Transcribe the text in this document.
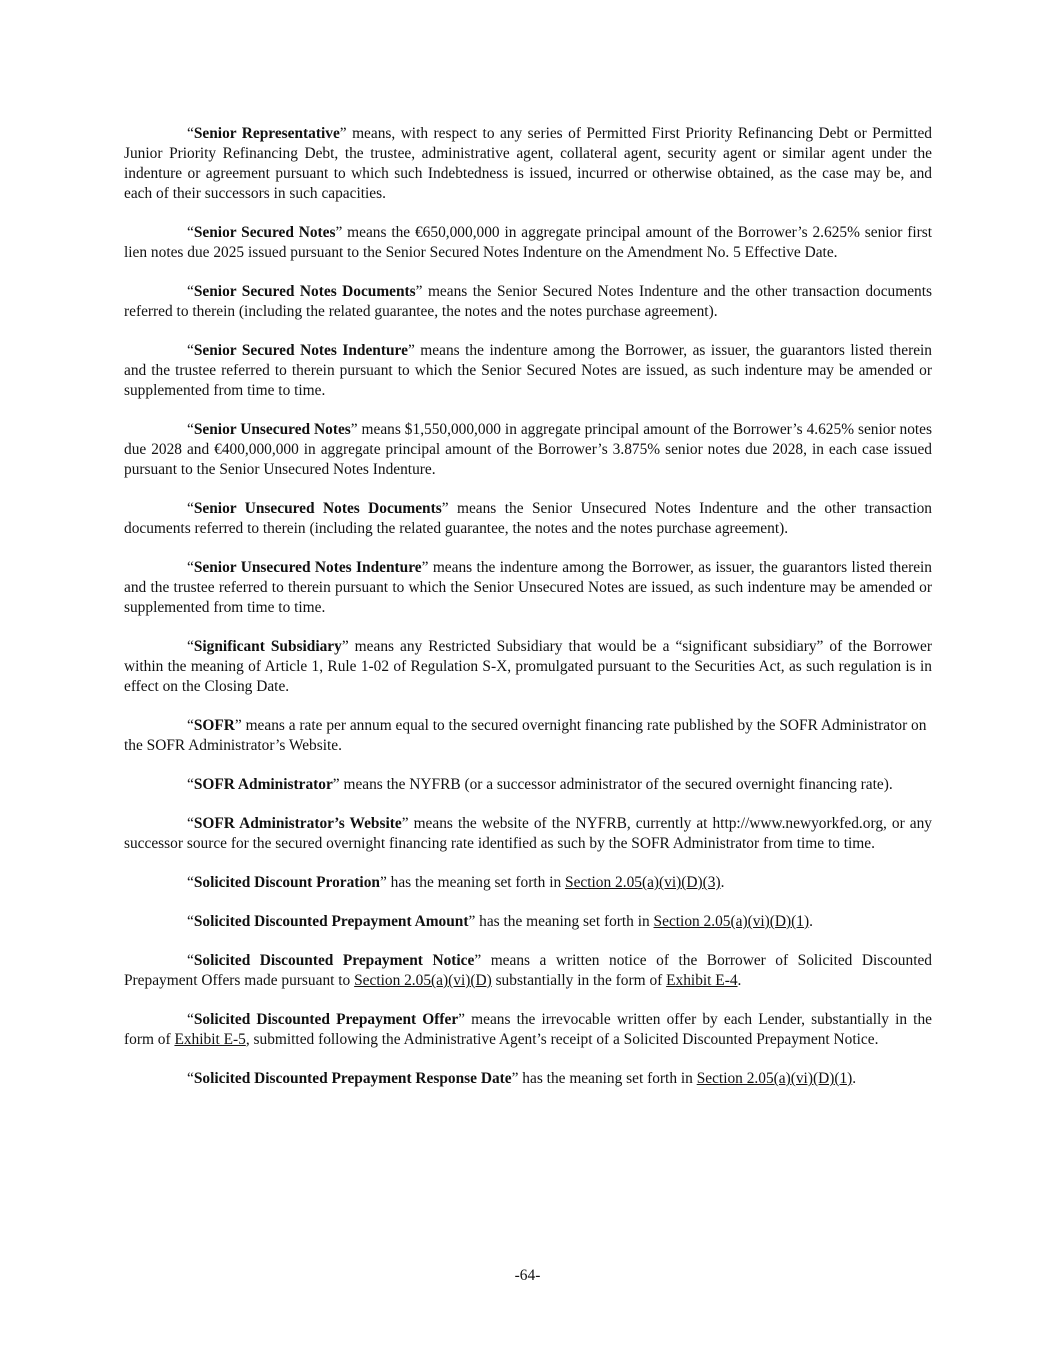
“Senior Representative” means, with respect to any series of Permitted First Priority Refinancing Debt or Permitted Junior Priority Refinancing Debt, the trustee, administrative agent, collateral agent, security agent or similar agent under the indenture or agreement pursuant to which such Indebtedness is issued, incurred or otherwise obtained, as the case may be, and each of their successors in such capacities.

“Senior Secured Notes” means the €650,000,000 in aggregate principal amount of the Borrower’s 2.625% senior first lien notes due 2025 issued pursuant to the Senior Secured Notes Indenture on the Amendment No. 5 Effective Date.

“Senior Secured Notes Documents” means the Senior Secured Notes Indenture and the other transaction documents referred to therein (including the related guarantee, the notes and the notes purchase agreement).

“Senior Secured Notes Indenture” means the indenture among the Borrower, as issuer, the guarantors listed therein and the trustee referred to therein pursuant to which the Senior Secured Notes are issued, as such indenture may be amended or supplemented from time to time.

“Senior Unsecured Notes” means $1,550,000,000 in aggregate principal amount of the Borrower’s 4.625% senior notes due 2028 and €400,000,000 in aggregate principal amount of the Borrower’s 3.875% senior notes due 2028, in each case issued pursuant to the Senior Unsecured Notes Indenture.

“Senior Unsecured Notes Documents” means the Senior Unsecured Notes Indenture and the other transaction documents referred to therein (including the related guarantee, the notes and the notes purchase agreement).

“Senior Unsecured Notes Indenture” means the indenture among the Borrower, as issuer, the guarantors listed therein and the trustee referred to therein pursuant to which the Senior Unsecured Notes are issued, as such indenture may be amended or supplemented from time to time.

“Significant Subsidiary” means any Restricted Subsidiary that would be a “significant subsidiary” of the Borrower within the meaning of Article 1, Rule 1-02 of Regulation S-X, promulgated pursuant to the Securities Act, as such regulation is in effect on the Closing Date.

“SOFR” means a rate per annum equal to the secured overnight financing rate published by the SOFR Administrator on the SOFR Administrator’s Website.

“SOFR Administrator” means the NYFRB (or a successor administrator of the secured overnight financing rate).

“SOFR Administrator’s Website” means the website of the NYFRB, currently at http://www.newyorkfed.org, or any successor source for the secured overnight financing rate identified as such by the SOFR Administrator from time to time.

“Solicited Discount Proration” has the meaning set forth in Section 2.05(a)(vi)(D)(3).

“Solicited Discounted Prepayment Amount” has the meaning set forth in Section 2.05(a)(vi)(D)(1).

“Solicited Discounted Prepayment Notice” means a written notice of the Borrower of Solicited Discounted Prepayment Offers made pursuant to Section 2.05(a)(vi)(D) substantially in the form of Exhibit E-4.

“Solicited Discounted Prepayment Offer” means the irrevocable written offer by each Lender, substantially in the form of Exhibit E-5, submitted following the Administrative Agent’s receipt of a Solicited Discounted Prepayment Notice.

“Solicited Discounted Prepayment Response Date” has the meaning set forth in Section 2.05(a)(vi)(D)(1).

-64-
